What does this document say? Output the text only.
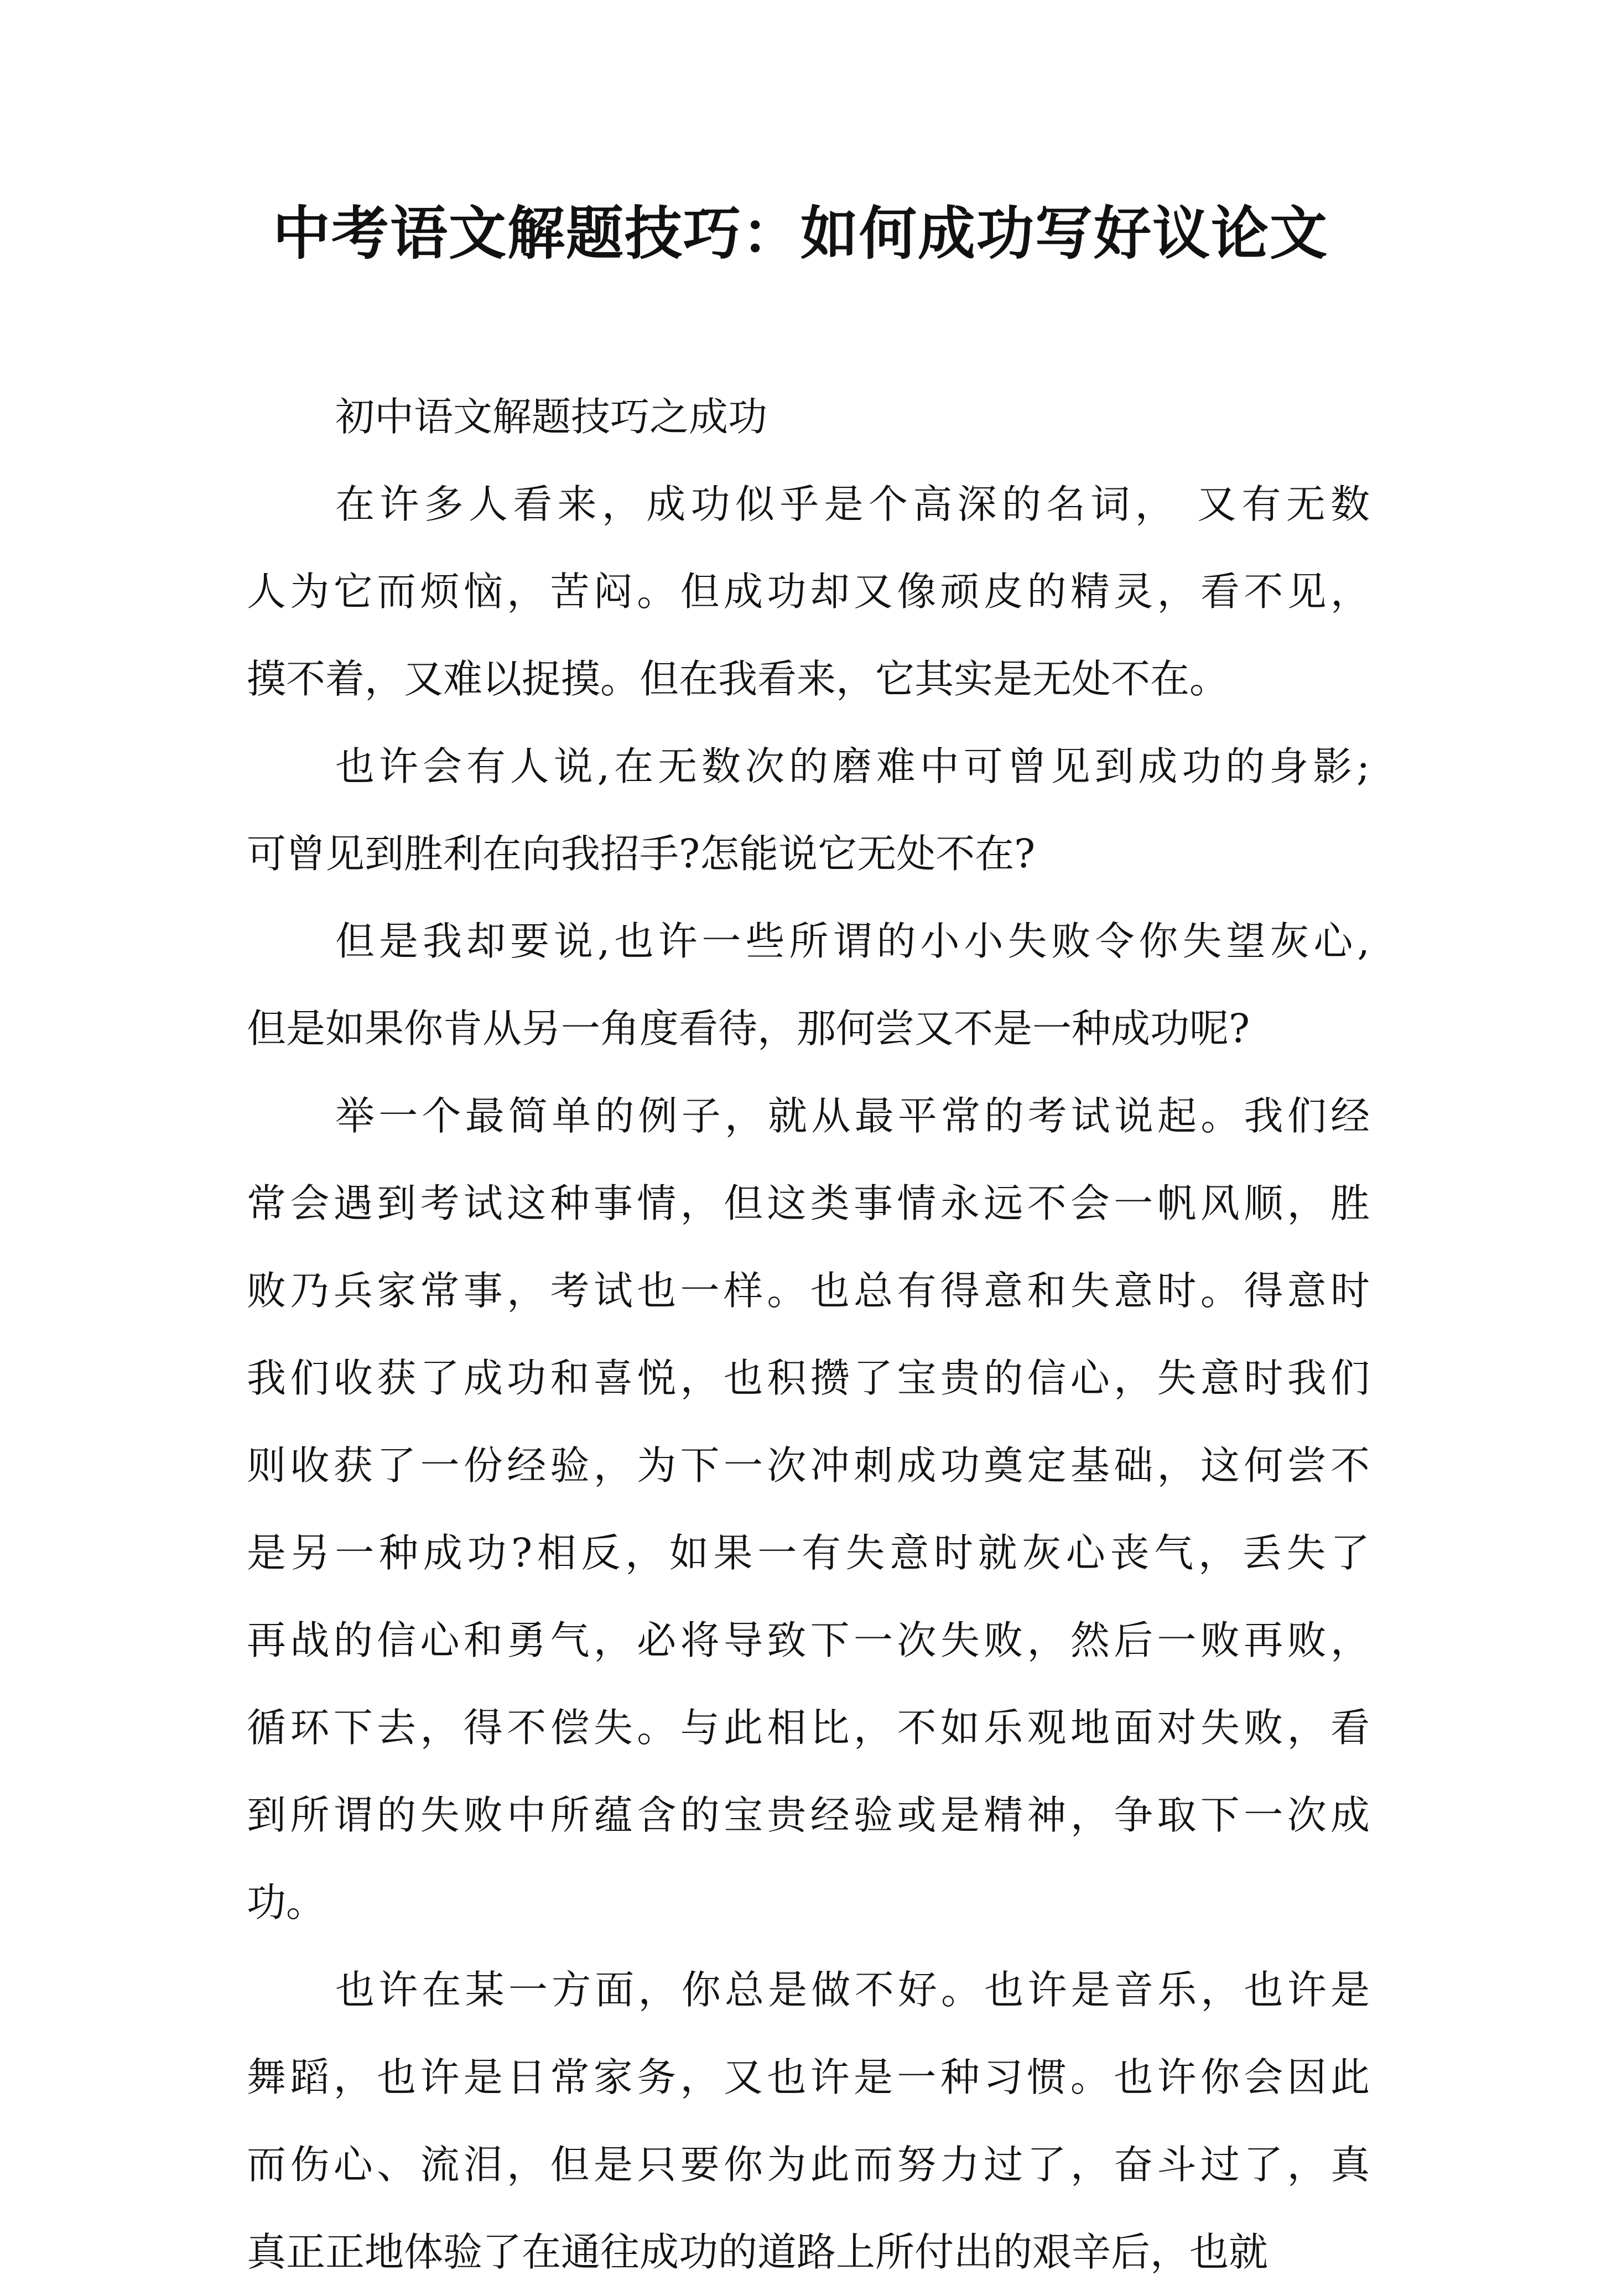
中考语文解题技巧：如何成功写好议论文

初中语文解题技巧之成功

在许多人看来，成功似乎是个高深的名词， 又有无数
人为它而烦恼，苦闷。但成功却又像顽皮的精灵，看不见，
摸不着，又难以捉摸。但在我看来，它其实是无处不在。

也许会有人说,在无数次的磨难中可曾见到成功的身影;
可曾见到胜利在向我招手?怎能说它无处不在?

但是我却要说,也许一些所谓的小小失败令你失望灰心,
但是如果你肯从另一角度看待，那何尝又不是一种成功呢?

举一个最简单的例子，就从最平常的考试说起。我们经
常会遇到考试这种事情，但这类事情永远不会一帆风顺，胜
败乃兵家常事，考试也一样。也总有得意和失意时。得意时
我们收获了成功和喜悦，也积攒了宝贵的信心，失意时我们
则收获了一份经验，为下一次冲刺成功奠定基础，这何尝不
是另一种成功?相反，如果一有失意时就灰心丧气，丢失了
再战的信心和勇气，必将导致下一次失败，然后一败再败，
循环下去，得不偿失。与此相比，不如乐观地面对失败，看
到所谓的失败中所蕴含的宝贵经验或是精神，争取下一次成
功。

也许在某一方面，你总是做不好。也许是音乐，也许是
舞蹈，也许是日常家务，又也许是一种习惯。也许你会因此
而伤心、流泪，但是只要你为此而努力过了，奋斗过了，真
真正正地体验了在通往成功的道路上所付出的艰辛后，也就
